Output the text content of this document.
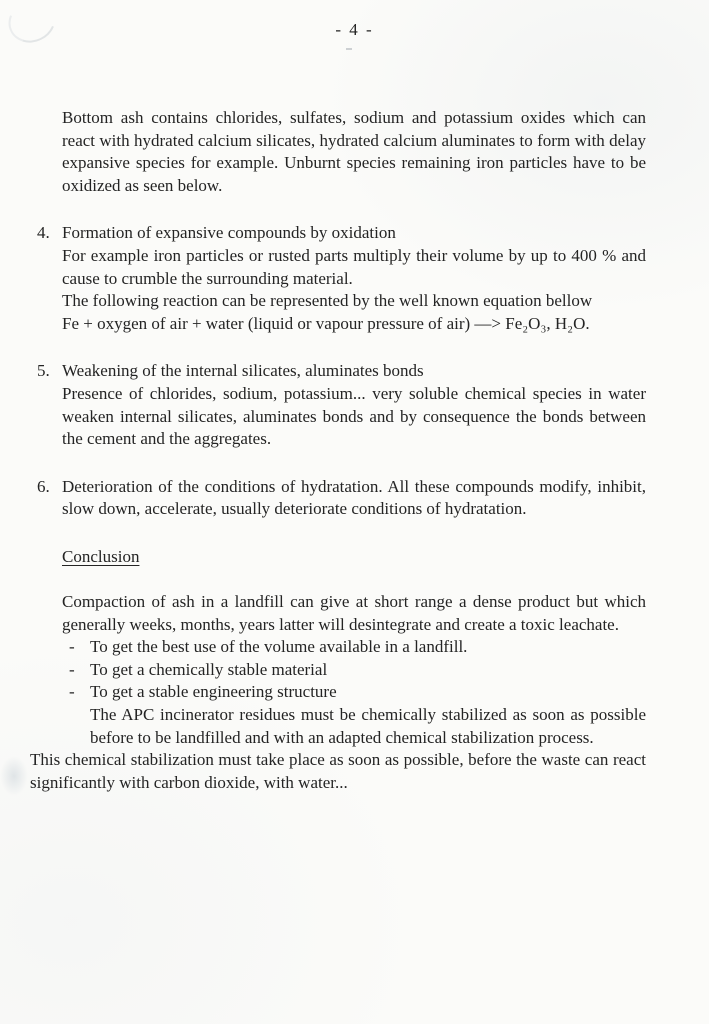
- 4 -

Bottom ash contains chlorides, sulfates, sodium and potassium oxides which can react with hydrated calcium silicates, hydrated calcium aluminates to form with delay expansive species for example. Unburnt species remaining iron particles have to be oxidized as seen below.

4. Formation of expansive compounds by oxidation

For example iron particles or rusted parts multiply their volume by up to 400 % and cause to crumble the surrounding material.

The following reaction can be represented by the well known equation bellow

Fe + oxygen of air + water (liquid or vapour pressure of air) —> Fe₂O₃, H₂O.

5. Weakening of the internal silicates, aluminates bonds

Presence of chlorides, sodium, potassium... very soluble chemical species in water weaken internal silicates, aluminates bonds and by consequence the bonds between the cement and the aggregates.

6. Deterioration of the conditions of hydratation. All these compounds modify, inhibit, slow down, accelerate, usually deteriorate conditions of hydratation.

Conclusion

Compaction of ash in a landfill can give at short range a dense product but which generally weeks, months, years latter will desintegrate and create a toxic leachate.

- To get the best use of the volume available in a landfill.
- To get a chemically stable material
- To get a stable engineering structure

The APC incinerator residues must be chemically stabilized as soon as possible before to be landfilled and with an adapted chemical stabilization process.

This chemical stabilization must take place as soon as possible, before the waste can react significantly with carbon dioxide, with water...
